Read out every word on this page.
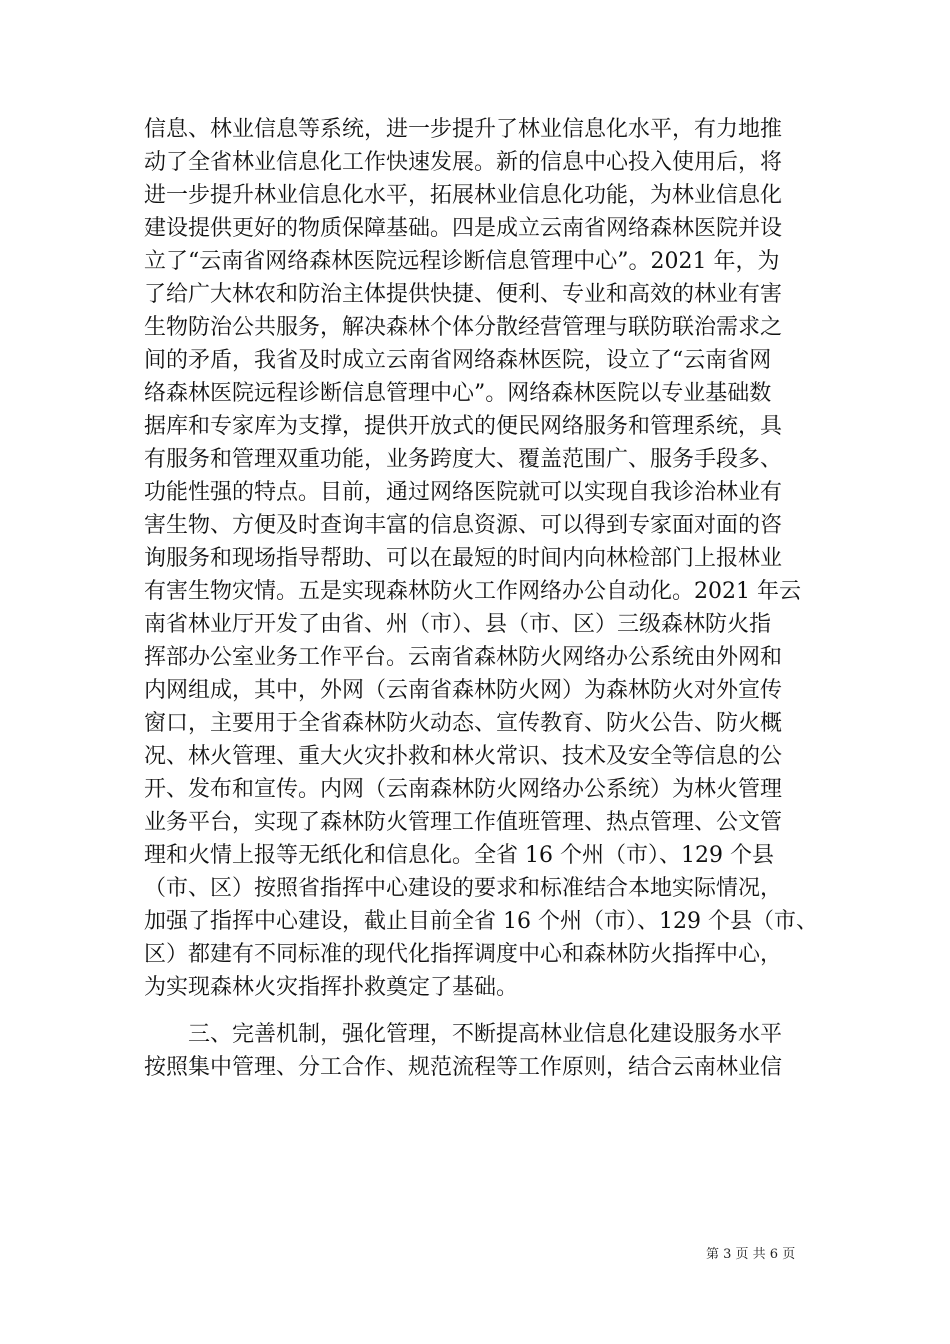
信息、林业信息等系统，进一步提升了林业信息化水平，有力地推
动了全省林业信息化工作快速发展。新的信息中心投入使用后，将
进一步提升林业信息化水平，拓展林业信息化功能，为林业信息化
建设提供更好的物质保障基础。四是成立云南省网络森林医院并设
立了“云南省网络森林医院远程诊断信息管理中心”。2021 年，为
了给广大林农和防治主体提供快捷、便利、专业和高效的林业有害
生物防治公共服务，解决森林个体分散经营管理与联防联治需求之
间的矛盾，我省及时成立云南省网络森林医院，设立了“云南省网
络森林医院远程诊断信息管理中心”。网络森林医院以专业基础数
据库和专家库为支撑，提供开放式的便民网络服务和管理系统，具
有服务和管理双重功能，业务跨度大、覆盖范围广、服务手段多、
功能性强的特点。目前，通过网络医院就可以实现自我诊治林业有
害生物、方便及时查询丰富的信息资源、可以得到专家面对面的咨
询服务和现场指导帮助、可以在最短的时间内向林检部门上报林业
有害生物灾情。五是实现森林防火工作网络办公自动化。2021 年云
南省林业厅开发了由省、州（市）、县（市、区）三级森林防火指
挥部办公室业务工作平台。云南省森林防火网络办公系统由外网和
内网组成，其中，外网（云南省森林防火网）为森林防火对外宣传
窗口，主要用于全省森林防火动态、宣传教育、防火公告、防火概
况、林火管理、重大火灾扑救和林火常识、技术及安全等信息的公
开、发布和宣传。内网（云南森林防火网络办公系统）为林火管理
业务平台，实现了森林防火管理工作值班管理、热点管理、公文管
理和火情上报等无纸化和信息化。全省 16 个州（市）、129 个县
（市、区）按照省指挥中心建设的要求和标准结合本地实际情况，
加强了指挥中心建设，截止目前全省 16 个州（市）、129 个县（市、
区）都建有不同标准的现代化指挥调度中心和森林防火指挥中心，
为实现森林火灾指挥扑救奠定了基础。
三、完善机制，强化管理，不断提高林业信息化建设服务水平
按照集中管理、分工合作、规范流程等工作原则，结合云南林业信
第 3 页 共 6 页
